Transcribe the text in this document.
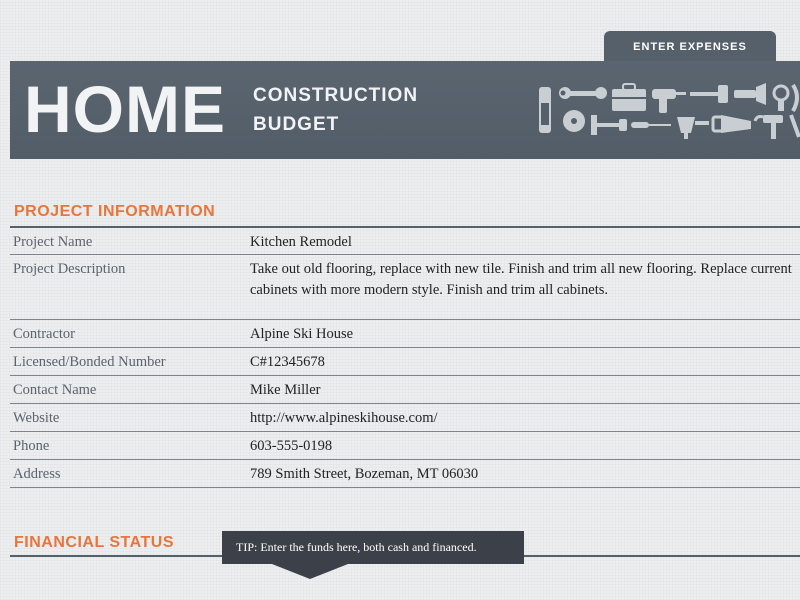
ENTER EXPENSES
HOME CONSTRUCTION
BUDGET
PROJECT INFORMATION
Project Name	Kitchen Remodel
Project Description	Take out old flooring, replace with new tile. Finish and trim all new flooring. Replace current cabinets with more modern style. Finish and trim all cabinets.
Contractor	Alpine Ski House
Licensed/Bonded Number	C#12345678
Contact Name	Mike Miller
Website	http://www.alpineskihouse.com/
Phone	603-555-0198
Address	789 Smith Street, Bozeman, MT 06030
FINANCIAL STATUS	TIP: Enter the funds here, both cash and financed.
